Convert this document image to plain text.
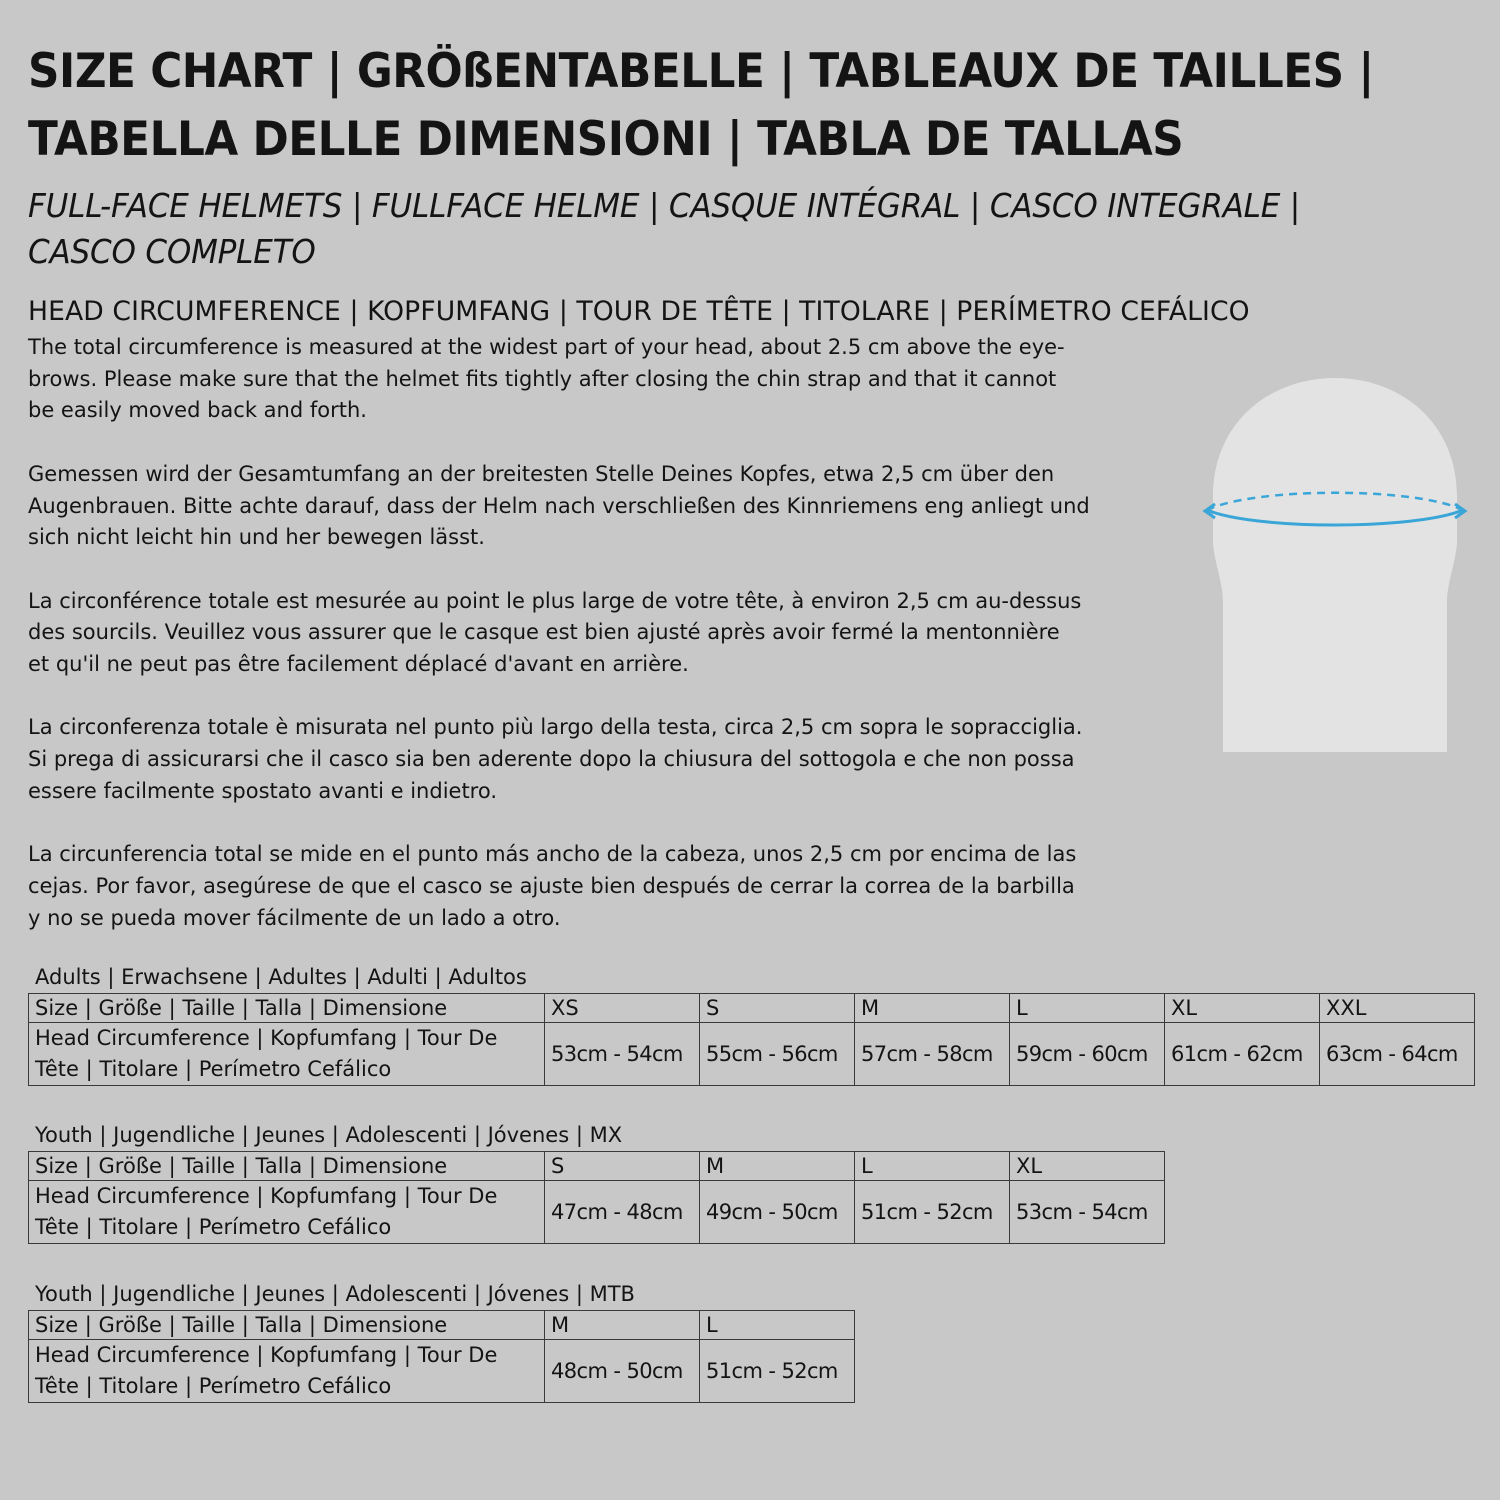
SIZE CHART | GRÖßENTABELLE | TABLEAUX DE TAILLES |
TABELLA DELLE DIMENSIONI | TABLA DE TALLAS
FULL-FACE HELMETS | FULLFACE HELME | CASQUE INTÉGRAL | CASCO INTEGRALE |
CASCO COMPLETO
HEAD CIRCUMFERENCE | KOPFUMFANG | TOUR DE TÊTE | TITOLARE | PERÍMETRO CEFÁLICO

The total circumference is measured at the widest part of your head, about 2.5 cm above the eye-
brows. Please make sure that the helmet fits tightly after closing the chin strap and that it cannot
be easily moved back and forth.

Gemessen wird der Gesamtumfang an der breitesten Stelle Deines Kopfes, etwa 2,5 cm über den
Augenbrauen. Bitte achte darauf, dass der Helm nach verschließen des Kinnriemens eng anliegt und
sich nicht leicht hin und her bewegen lässt.

La circonférence totale est mesurée au point le plus large de votre tête, à environ 2,5 cm au-dessus
des sourcils. Veuillez vous assurer que le casque est bien ajusté après avoir fermé la mentonnière
et qu'il ne peut pas être facilement déplacé d'avant en arrière.

La circonferenza totale è misurata nel punto più largo della testa, circa 2,5 cm sopra le sopracciglia.
Si prega di assicurarsi che il casco sia ben aderente dopo la chiusura del sottogola e che non possa
essere facilmente spostato avanti e indietro.

La circunferencia total se mide en el punto más ancho de la cabeza, unos 2,5 cm por encima de las
cejas. Por favor, asegúrese de que el casco se ajuste bien después de cerrar la correa de la barbilla
y no se pueda mover fácilmente de un lado a otro.

Adults | Erwachsene | Adultes | Adulti | Adultos
Size | Größe | Taille | Talla | Dimensione	XS	S	M	L	XL	XXL
Head Circumference | Kopfumfang | Tour De Tête | Titolare | Perímetro Cefálico	53cm - 54cm	55cm - 56cm	57cm - 58cm	59cm - 60cm	61cm - 62cm	63cm - 64cm
Youth | Jugendliche | Jeunes | Adolescenti | Jóvenes | MX
Size | Größe | Taille | Talla | Dimensione	S	M	L	XL
Head Circumference | Kopfumfang | Tour De Tête | Titolare | Perímetro Cefálico	47cm - 48cm	49cm - 50cm	51cm - 52cm	53cm - 54cm
Youth | Jugendliche | Jeunes | Adolescenti | Jóvenes | MTB
Size | Größe | Taille | Talla | Dimensione	M	L
Head Circumference | Kopfumfang | Tour De Tête | Titolare | Perímetro Cefálico	48cm - 50cm	51cm - 52cm
